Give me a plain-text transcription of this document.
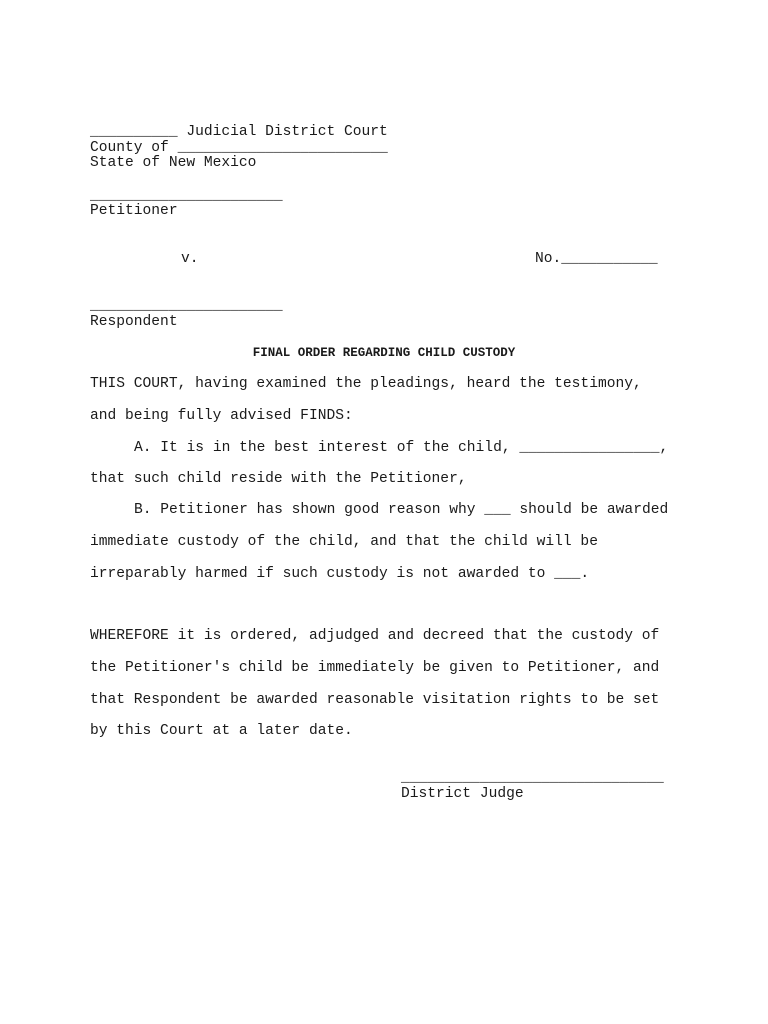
__________ Judicial District Court
County of ________________________
State of New Mexico
______________________
Petitioner
v.	No.___________
______________________
Respondent
FINAL ORDER REGARDING CHILD CUSTODY
THIS COURT, having examined the pleadings, heard the testimony,
and being fully advised FINDS:
A. It is in the best interest of the child, ________________,
that such child reside with the Petitioner,
B. Petitioner has shown good reason why ___ should be awarded
immediate custody of the child, and that the child will be
irreparably harmed if such custody is not awarded to ___.
WHEREFORE it is ordered, adjudged and decreed that the custody of
the Petitioner's child be immediately be given to Petitioner, and
that Respondent be awarded reasonable visitation rights to be set
by this Court at a later date.
______________________________
District Judge
